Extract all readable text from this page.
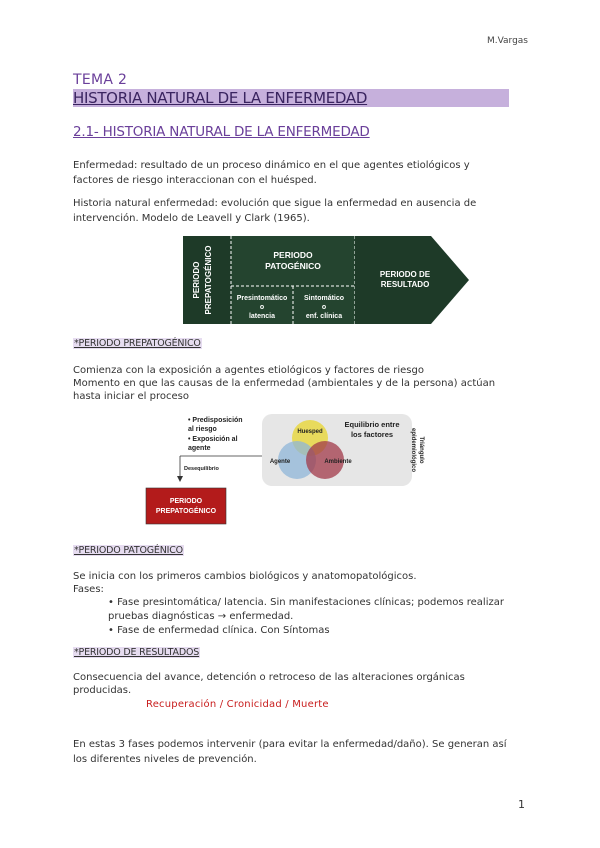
M.Vargas
TEMA 2
HISTORIA NATURAL DE LA ENFERMEDAD
2.1- HISTORIA NATURAL DE LA ENFERMEDAD
Enfermedad: resultado de un proceso dinámico en el que agentes etiológicos y
factores de riesgo interaccionan con el huésped.
Historia natural enfermedad: evolución que sigue la enfermedad en ausencia de
intervención. Modelo de Leavell y Clark (1965).
PERIODO PREPATOGÉNICO	PERIODO
PATOGÉNICO
Presintomático
o
latencia
Sintomático
o
enf. clínica
PERIODO DE
RESULTADO
*PERIODO PREPATOGÉNICO
Comienza con la exposición a agentes etiológicos y factores de riesgo
Momento en que las causas de la enfermedad (ambientales y de la persona) actúan
hasta iniciar el proceso
• Predisposición
al riesgo
• Exposición al
agente
Desequilibrio
Huesped
Agente	Ambiente
Equilibrio entre
los factores
Triángulo
epidemiológico
PERIODO
PREPATOGÉNICO
*PERIODO PATOGÉNICO
Se inicia con los primeros cambios biológicos y anatomopatológicos.
Fases:
• Fase presintomática/ latencia. Sin manifestaciones clínicas; podemos realizar
pruebas diagnósticas → enfermedad.
• Fase de enfermedad clínica. Con Síntomas
*PERIODO DE RESULTADOS
Consecuencia del avance, detención o retroceso de las alteraciones orgánicas
producidas.
Recuperación / Cronicidad / Muerte
En estas 3 fases podemos intervenir (para evitar la enfermedad/daño). Se generan así
los diferentes niveles de prevención.
1
